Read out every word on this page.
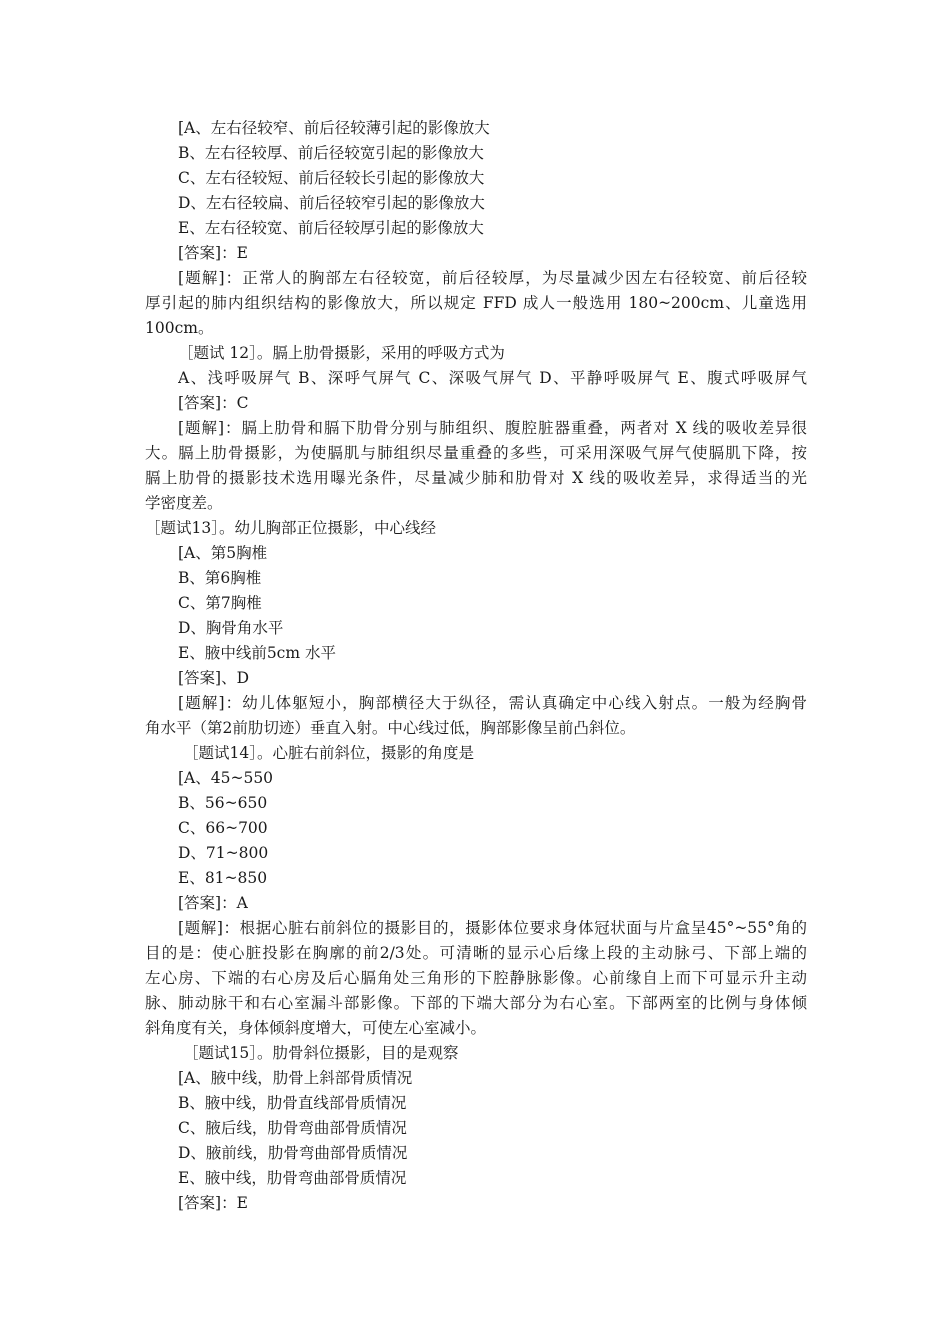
[A、左右径较窄、前后径较薄引起的影像放大
B、左右径较厚、前后径较宽引起的影像放大
C、左右径较短、前后径较长引起的影像放大
D、左右径较扁、前后径较窄引起的影像放大
E、左右径较宽、前后径较厚引起的影像放大
[答案]：E
[题解]：正常人的胸部左右径较宽，前后径较厚，为尽量减少因左右径较宽、前后径较
厚引起的肺内组织结构的影像放大，所以规定 FFD 成人一般选用 180~200cm、儿童选用
100cm。
［题试 12］。膈上肋骨摄影，采用的呼吸方式为
A、浅呼吸屏气 B、深呼气屏气 C、深吸气屏气 D、平静呼吸屏气 E、腹式呼吸屏气
[答案]：C
[题解]：膈上肋骨和膈下肋骨分别与肺组织、腹腔脏器重叠，两者对 X 线的吸收差异很
大。膈上肋骨摄影，为使膈肌与肺组织尽量重叠的多些，可采用深吸气屏气使膈肌下降，按
膈上肋骨的摄影技术选用曝光条件，尽量减少肺和肋骨对 X 线的吸收差异，求得适当的光
学密度差。
［题试13］。幼儿胸部正位摄影，中心线经
[A、第5胸椎
B、第6胸椎
C、第7胸椎
D、胸骨角水平
E、腋中线前5cm 水平
[答案]、D
[题解]：幼儿体躯短小，胸部横径大于纵径，需认真确定中心线入射点。一般为经胸骨
角水平（第2前肋切迹）垂直入射。中心线过低，胸部影像呈前凸斜位。
［题试14］。心脏右前斜位，摄影的角度是
[A、45~550
B、56~650
C、66~700
D、71~800
E、81~850
[答案]：A
[题解]：根据心脏右前斜位的摄影目的，摄影体位要求身体冠状面与片盒呈45°~55°角的
目的是：使心脏投影在胸廓的前2/3处。可清晰的显示心后缘上段的主动脉弓、下部上端的
左心房、下端的右心房及后心膈角处三角形的下腔静脉影像。心前缘自上而下可显示升主动
脉、肺动脉干和右心室漏斗部影像。下部的下端大部分为右心室。下部两室的比例与身体倾
斜角度有关，身体倾斜度增大，可使左心室减小。
［题试15］。肋骨斜位摄影，目的是观察
[A、腋中线，肋骨上斜部骨质情况
B、腋中线，肋骨直线部骨质情况
C、腋后线，肋骨弯曲部骨质情况
D、腋前线，肋骨弯曲部骨质情况
E、腋中线，肋骨弯曲部骨质情况
[答案]：E
